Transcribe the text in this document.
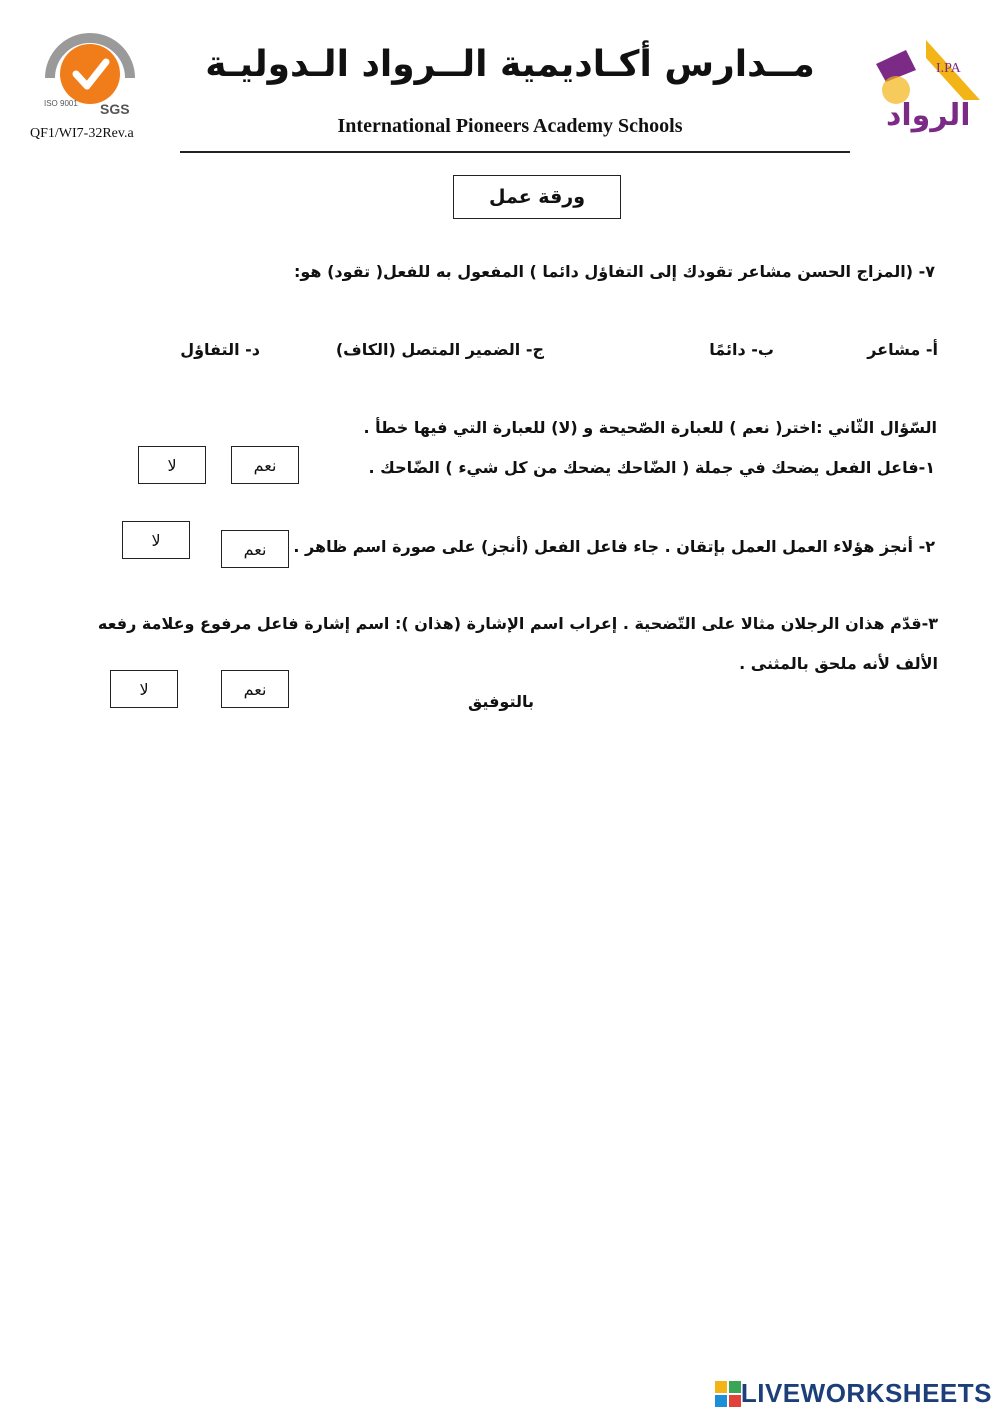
SGS
ISO 9001
QF1/WI7-32Rev.a
مــدارس أكـاديمية الــرواد الـدوليـة
International Pioneers Academy Schools
I.PA
الرواد
ورقة عمل
٧- (المزاج الحسن مشاعر تقودك إلى التفاؤل دائما ) المفعول به للفعل( تقود) هو:
أ- مشاعر
ب- دائمًا
ج- الضمير المتصل (الكاف)
د- التفاؤل
السّؤال الثّاني :اختر( نعم ) للعبارة الصّحيحة و (لا) للعبارة التي فيها خطأ .
١-فاعل الفعل يضحك في جملة ( الضّاحك يضحك من كل شيء ) الضّاحك .
نعم
لا
٢- أنجز هؤلاء العمل العمل بإتقان . جاء فاعل الفعل (أنجز) على صورة اسم ظاهر .
نعم
لا
٣-قدّم هذان الرجلان مثالا على التّضحية . إعراب اسم الإشارة (هذان ): اسم إشارة فاعل مرفوع وعلامة رفعه
الألف لأنه ملحق بالمثنى .
نعم
لا
بالتوفيق
LIVEWORKSHEETS
